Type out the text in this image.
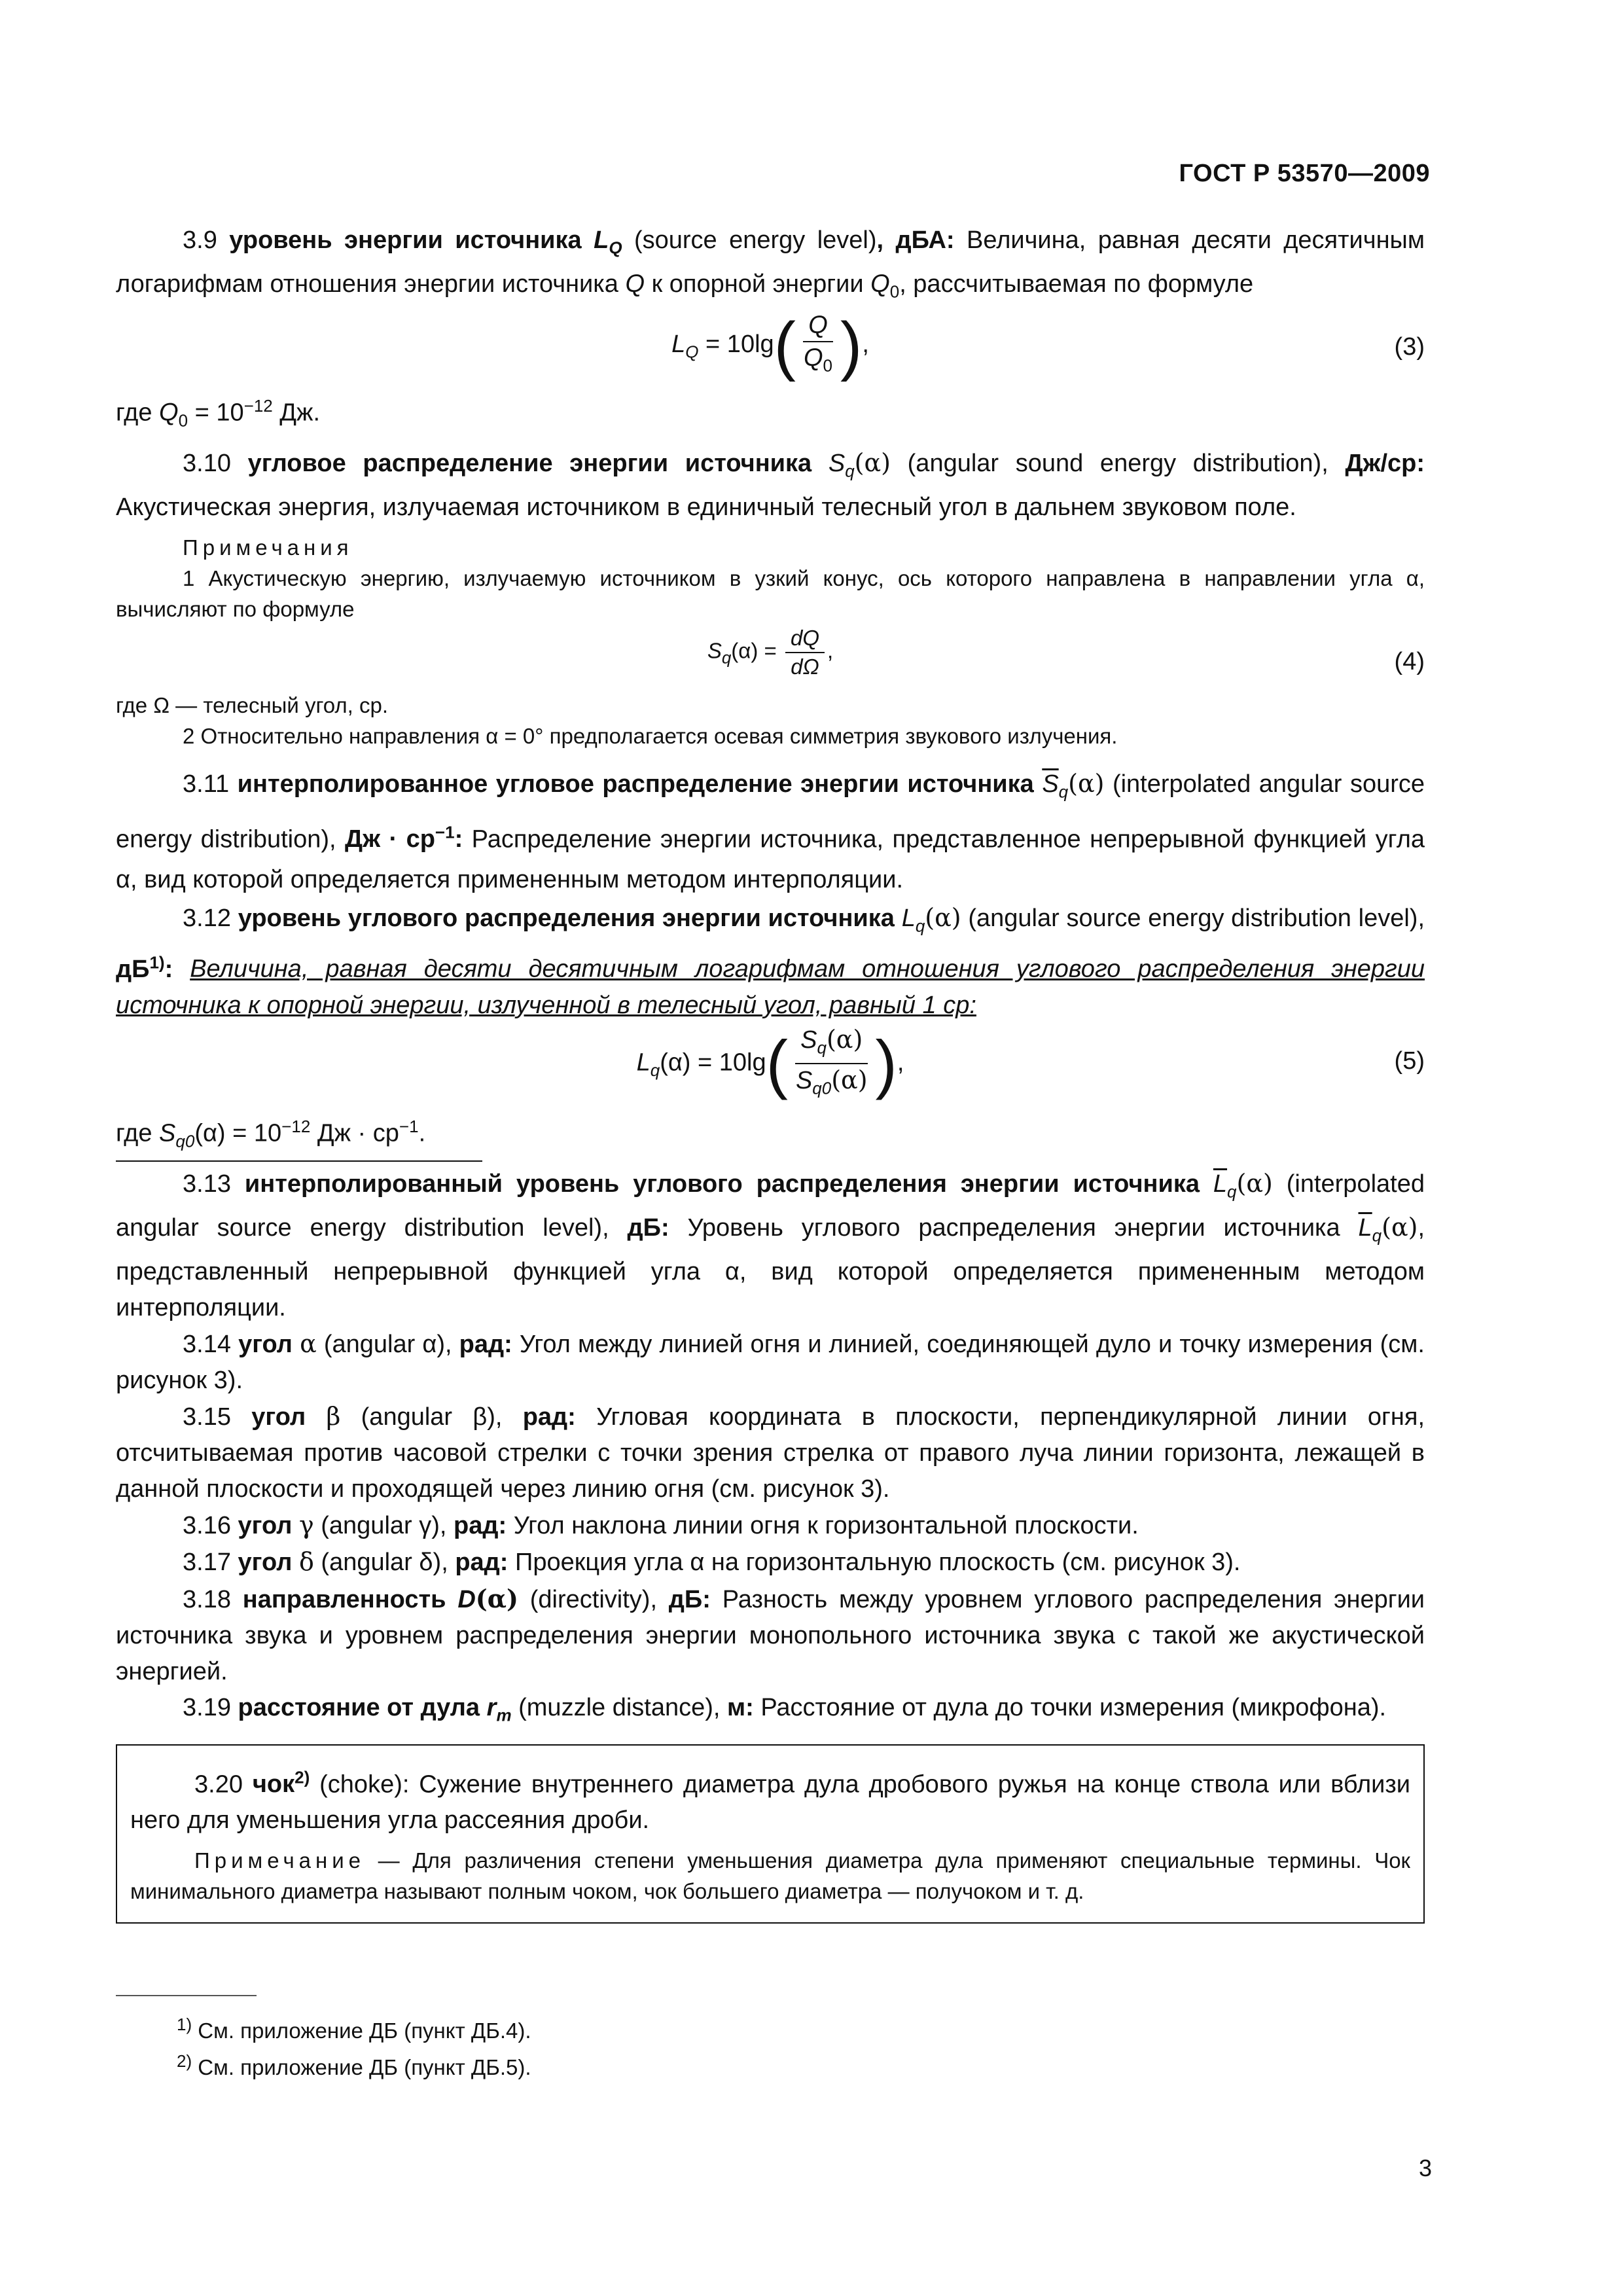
ГОСТ Р 53570—2009

3.9 уровень энергии источника $L_Q$ (source energy level), дБА: Величина, равная десяти десятичным логарифмам отношения энергии источника Q к опорной энергии $Q_0$, рассчитываемая по формуле

$L_Q = 10\lg( \frac{Q}{Q_0}$ ),	(3)

где $Q_0 = 10^{-12}$ Дж.

3.10 угловое распределение энергии источника $S_q(\alpha)$ (angular sound energy distribution), Дж/ср: Акустическая энергия, излучаемая источником в единичный телесный угол в дальнем звуковом поле.

Примечания

1 Акустическую энергию, излучаемую источником в узкий конус, ось которого направлена в направлении угла α, вычисляют по формуле

$S_q(\alpha) = \frac{dQ}{d\Omega}$ ,	(4)

где Ω — телесный угол, ср.

2 Относительно направления α = 0° предполагается осевая симметрия звукового излучения.

3.11 интерполированное угловое распределение энергии источника $\overline{S}_q(\alpha)$ (interpolated angular source energy distribution), Дж · $ср^{-1}$: Распределение энергии источника, представленное непрерывной функцией угла α, вид которой определяется примененным методом интерполяции.

3.12 уровень углового распределения энергии источника $L_q(\alpha)$ (angular source energy distribution level), $дБ^{1)}$: Величина, равная десяти десятичным логарифмам отношения углового распределения энергии источника к опорной энергии, излученной в телесный угол, равный 1 ср:

$L_q(\alpha) = 10\lg( \frac{S_q(\alpha)}{S_{q0}(\alpha)}$ ),	(5)

где $S_{q0}(\alpha) = 10^{-12}$ Дж · $ср^{-1}$.

3.13 интерполированный уровень углового распределения энергии источника $\overline{L}_q(\alpha)$ (interpolated angular source energy distribution level), дБ: Уровень углового распределения энергии источника $\overline{L}_q(\alpha)$, представленный непрерывной функцией угла α, вид которой определяется примененным методом интерполяции.

3.14 угол α (angular α), рад: Угол между линией огня и линией, соединяющей дуло и точку измерения (см. рисунок 3).

3.15 угол β (angular β), рад: Угловая координата в плоскости, перпендикулярной линии огня, отсчитываемая против часовой стрелки с точки зрения стрелка от правого луча линии горизонта, лежащей в данной плоскости и проходящей через линию огня (см. рисунок 3).

3.16 угол γ (angular γ), рад: Угол наклона линии огня к горизонтальной плоскости.

3.17 угол δ (angular δ), рад: Проекция угла α на горизонтальную плоскость (см. рисунок 3).

3.18 направленность D(α) (directivity), дБ: Разность между уровнем углового распределения энергии источника звука и уровнем распределения энергии монопольного источника звука с такой же акустической энергией.

3.19 расстояние от дула $r_m$ (muzzle distance), м: Расстояние от дула до точки измерения (микрофона).

3.20 чок$^{2)}$ (choke): Сужение внутреннего диаметра дула дробового ружья на конце ствола или вблизи него для уменьшения угла рассеяния дроби.

Примечание — Для различения степени уменьшения диаметра дула применяют специальные термины. Чок минимального диаметра называют полным чоком, чок большего диаметра — получоком и т. д.

$^{1)}$ См. приложение ДБ (пункт ДБ.4).
$^{2)}$ См. приложение ДБ (пункт ДБ.5).
3
